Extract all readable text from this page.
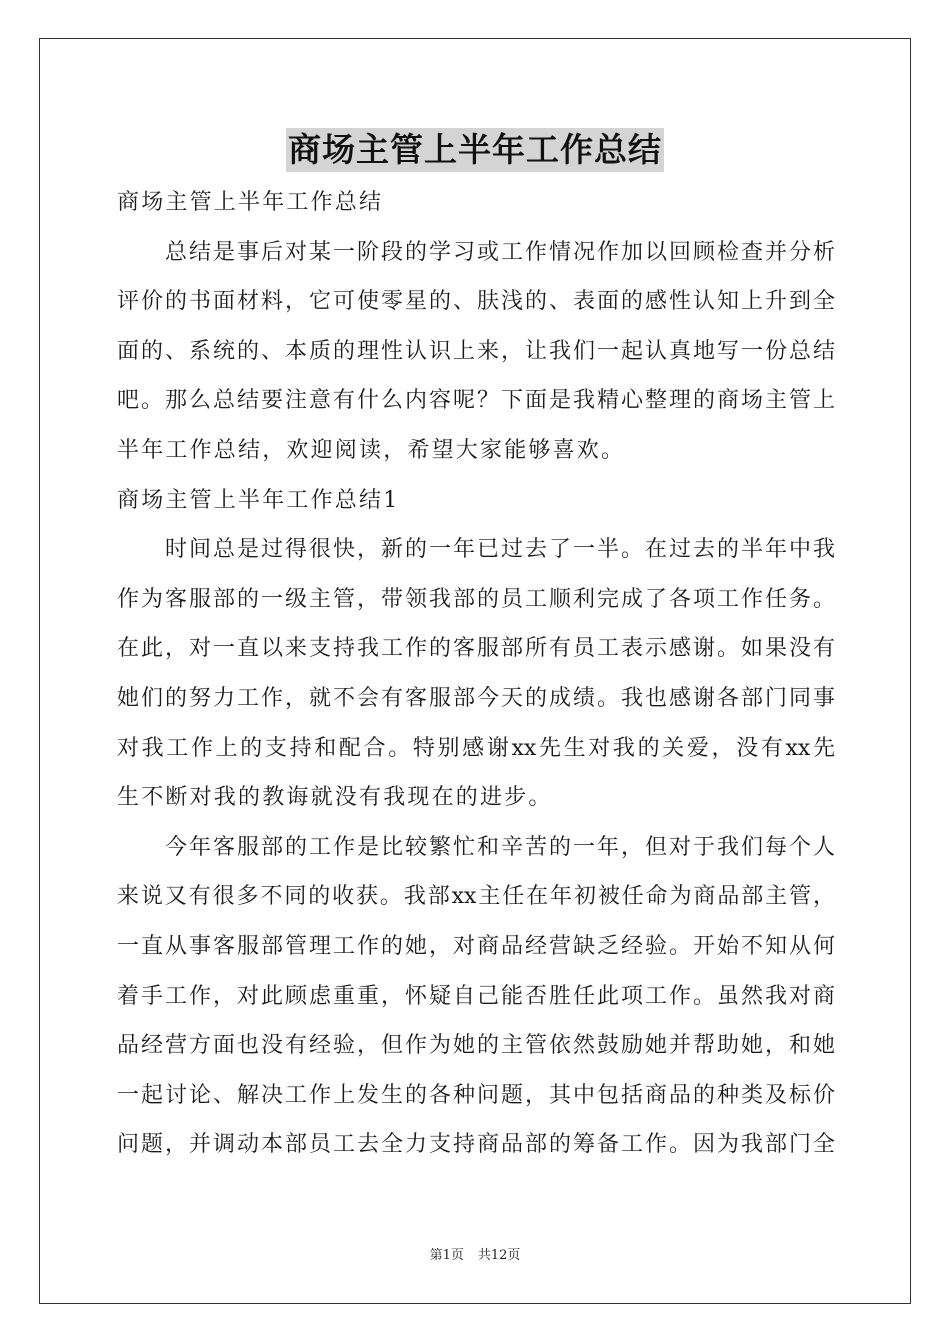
商场主管上半年工作总结
商场主管上半年工作总结
总结是事后对某一阶段的学习或工作情况作加以回顾检查并分析
评价的书面材料，它可使零星的、肤浅的、表面的感性认知上升到全
面的、系统的、本质的理性认识上来，让我们一起认真地写一份总结
吧。那么总结要注意有什么内容呢？下面是我精心整理的商场主管上
半年工作总结，欢迎阅读，希望大家能够喜欢。
商场主管上半年工作总结1
时间总是过得很快，新的一年已过去了一半。在过去的半年中我
作为客服部的一级主管，带领我部的员工顺利完成了各项工作任务。
在此，对一直以来支持我工作的客服部所有员工表示感谢。如果没有
她们的努力工作，就不会有客服部今天的成绩。我也感谢各部门同事
对我工作上的支持和配合。特别感谢xx先生对我的关爱，没有xx先
生不断对我的教诲就没有我现在的进步。
今年客服部的工作是比较繁忙和辛苦的一年，但对于我们每个人
来说又有很多不同的收获。我部xx主任在年初被任命为商品部主管，
一直从事客服部管理工作的她，对商品经营缺乏经验。开始不知从何
着手工作，对此顾虑重重，怀疑自己能否胜任此项工作。虽然我对商
品经营方面也没有经验，但作为她的主管依然鼓励她并帮助她，和她
一起讨论、解决工作上发生的各种问题，其中包括商品的种类及标价
问题，并调动本部员工去全力支持商品部的筹备工作。因为我部门全
第1页 共12页
